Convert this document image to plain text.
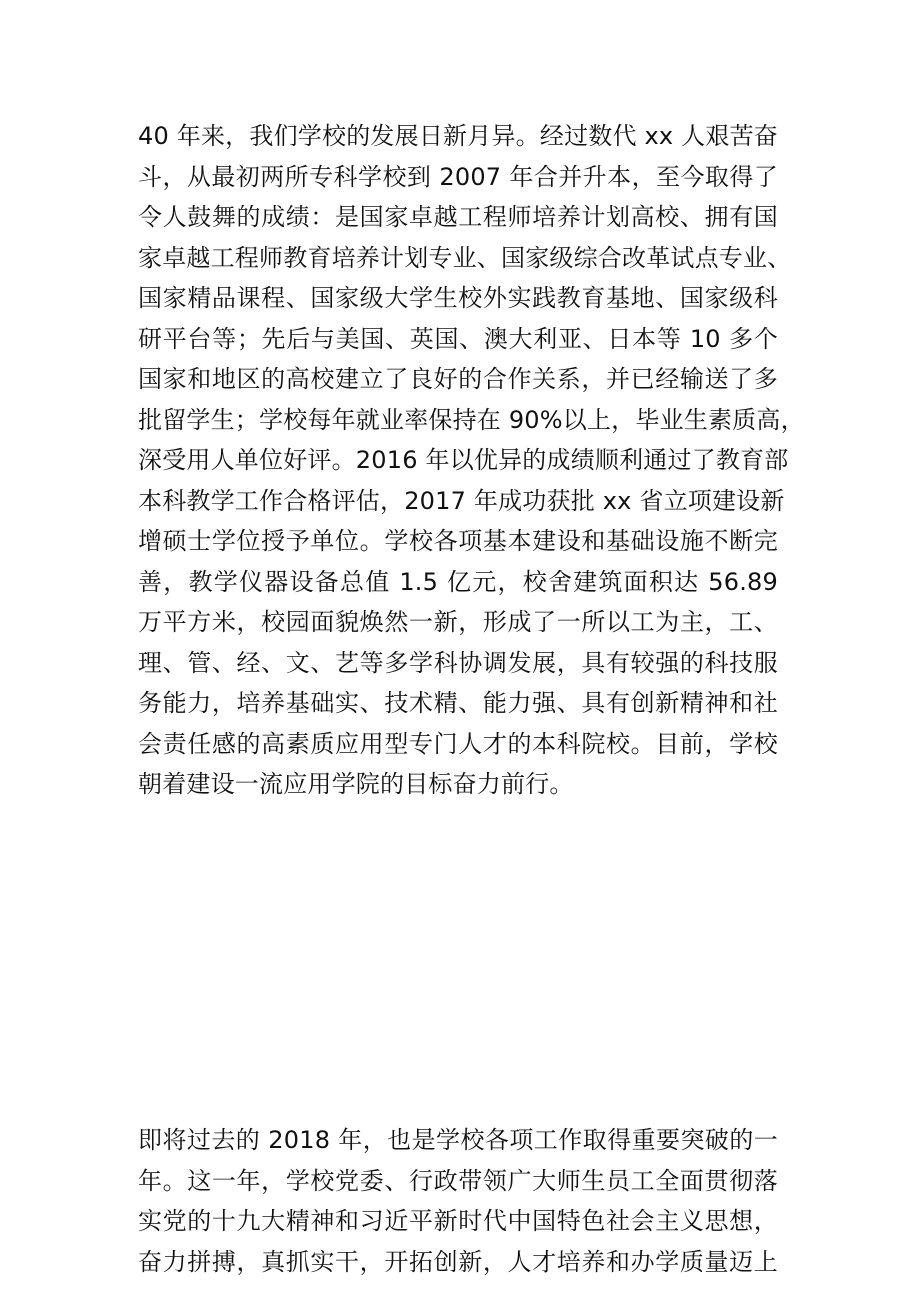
40 年来，我们学校的发展日新月异。经过数代 xx 人艰苦奋
斗，从最初两所专科学校到 2007 年合并升本，至今取得了
令人鼓舞的成绩：是国家卓越工程师培养计划高校、拥有国
家卓越工程师教育培养计划专业、国家级综合改革试点专业、
国家精品课程、国家级大学生校外实践教育基地、国家级科
研平台等；先后与美国、英国、澳大利亚、日本等 10 多个
国家和地区的高校建立了良好的合作关系，并已经输送了多
批留学生；学校每年就业率保持在 90%以上，毕业生素质高，
深受用人单位好评。2016 年以优异的成绩顺利通过了教育部
本科教学工作合格评估，2017 年成功获批 xx 省立项建设新
增硕士学位授予单位。学校各项基本建设和基础设施不断完
善，教学仪器设备总值 1.5 亿元，校舍建筑面积达 56.89
万平方米，校园面貌焕然一新，形成了一所以工为主，工、
理、管、经、文、艺等多学科协调发展，具有较强的科技服
务能力，培养基础实、技术精、能力强、具有创新精神和社
会责任感的高素质应用型专门人才的本科院校。目前，学校
朝着建设一流应用学院的目标奋力前行。

即将过去的 2018 年，也是学校各项工作取得重要突破的一
年。这一年，学校党委、行政带领广大师生员工全面贯彻落
实党的十九大精神和习近平新时代中国特色社会主义思想，
奋力拼搏，真抓实干，开拓创新，人才培养和办学质量迈上
